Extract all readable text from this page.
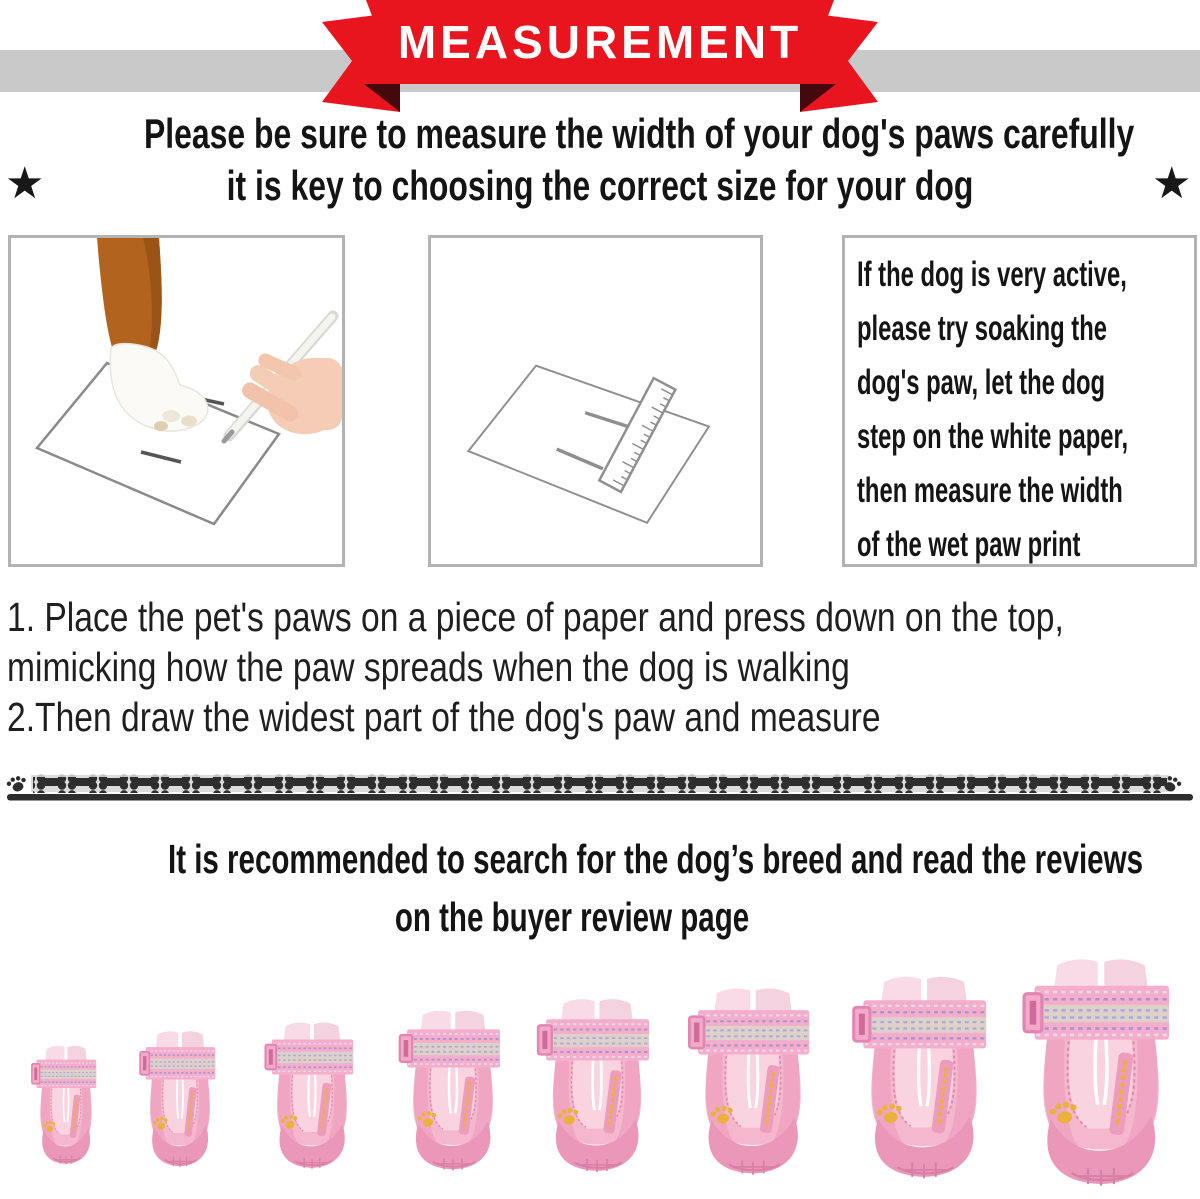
MEASUREMENT
Please be sure to measure the width of your dog's paws carefully
it is key to choosing the correct size for your dog
★	★
If the dog is very active,
please try soaking the
dog's paw, let the dog
step on the white paper,
then measure the width
of the wet paw print
1. Place the pet's paws on a piece of paper and press down on the top,
mimicking how the paw spreads when the dog is walking
2.Then draw the widest part of the dog's paw and measure
It is recommended to search for the dog’s breed and read the reviews
on the buyer review page
